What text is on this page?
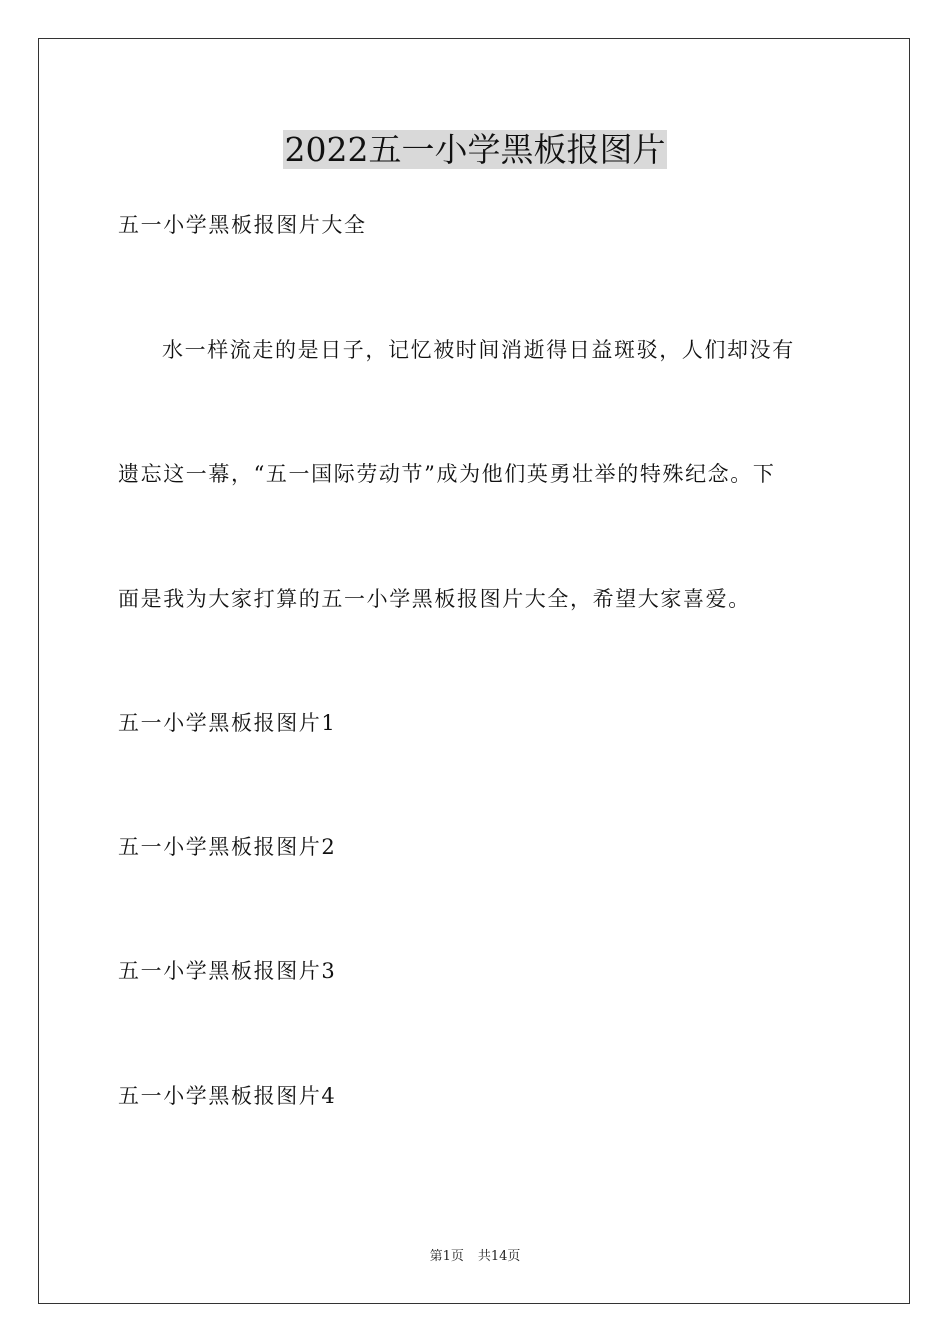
2022五一小学黑板报图片
五一小学黑板报图片大全
水一样流走的是日子，记忆被时间消逝得日益斑驳，人们却没有
遗忘这一幕，“五一国际劳动节”成为他们英勇壮举的特殊纪念。下
面是我为大家打算的五一小学黑板报图片大全，希望大家喜爱。
五一小学黑板报图片1
五一小学黑板报图片2
五一小学黑板报图片3
五一小学黑板报图片4
第1页 共14页
